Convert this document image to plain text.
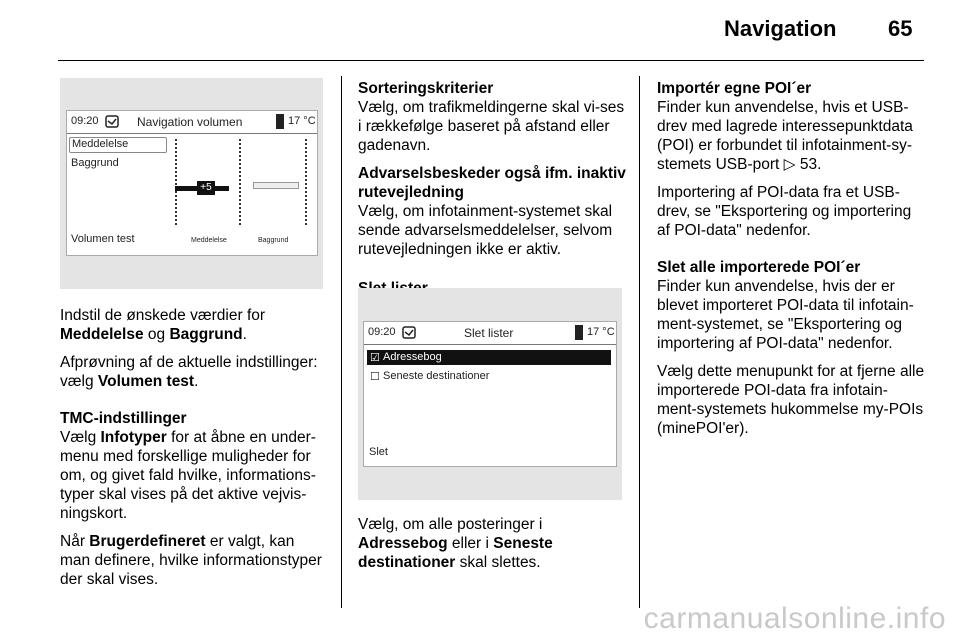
Navigation 65
09:20	Navigation volumen	17 °C
Meddelelse
Baggrund
Volumen test
+5
Meddelelse	Baggrund

Indstil de ønskede værdier for Meddelelse og Baggrund.

Afprøvning af de aktuelle indstillinger: vælg Volumen test.

TMC-indstillinger

Vælg Infotyper for at åbne en under-menu med forskellige muligheder for om, og givet fald hvilke, informations-typer skal vises på det aktive vejvis-ningskort.

Når Brugerdefineret er valgt, kan man definere, hvilke informationstyper der skal vises.

Sorteringskriterier
Vælg, om trafikmeldingerne skal vi-ses i rækkefølge baseret på afstand eller gadenavn.
Advarselsbeskeder også ifm. inaktiv rutevejledning
Vælg, om infotainment-systemet skal sende advarselsmeddelelser, selvom rutevejledningen ikke er aktiv.
09:20	Slet lister	17 °C
☑ Adressebog
☐ Seneste destinationer
Slet

Vælg, om alle posteringer i Adressebog eller i Seneste destinationer skal slettes.

Importér egne POI´er
Finder kun anvendelse, hvis et USB-drev med lagrede interessepunktdata (POI) er forbundet til infotainment-sy-stemets USB-port ▷ 53.

Importering af POI-data fra et USB-drev, se "Eksportering og importering af POI-data" nedenfor.

Slet alle importerede POI´er
Finder kun anvendelse, hvis der er blevet importeret POI-data til infotain-ment-systemet, se "Eksportering og importering af POI-data" nedenfor.

Vælg dette menupunkt for at fjerne alle importerede POI-data fra infotain-ment-systemets hukommelse my-POIs (minePOI'er).

carmanualsonline.info
